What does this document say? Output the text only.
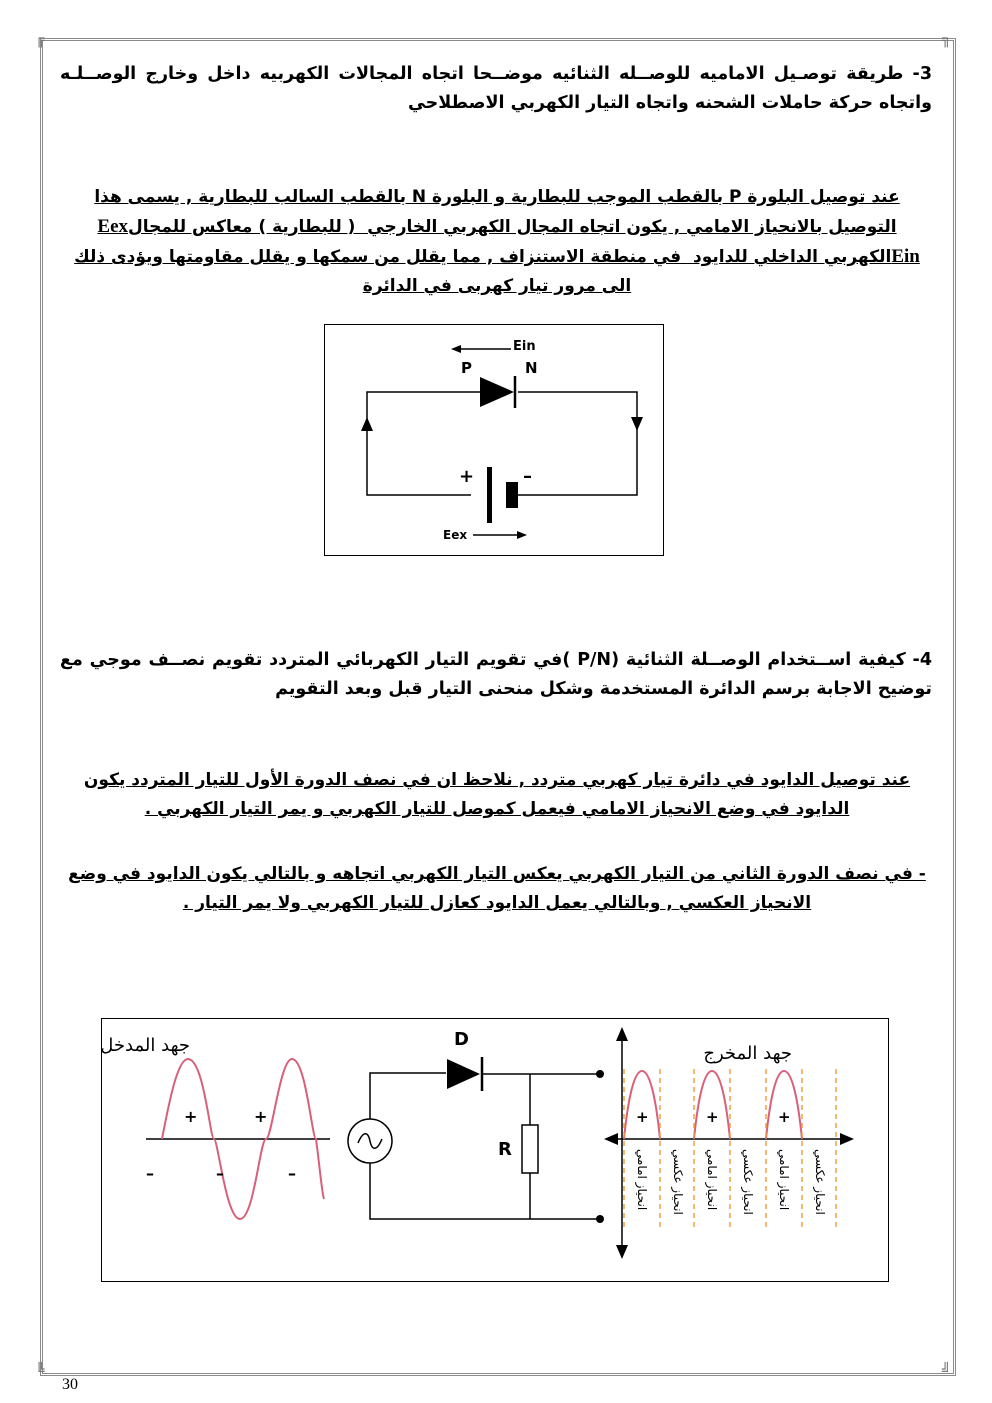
╔	╗
╚	╝
3- طريقة توصـيل الاماميه للوصــله الثنائيه موضــحا اتجاه المجالات الكهربيه داخل وخارج الوصــلـه واتجاه حركة حاملات الشحنه واتجاه التيار الكهربي الاصطلاحي
عند توصيل البلورة P بالقطب الموجب للبطارية و البلورة N بالقطب السالب للبطارية , يسمى هذا التوصيل بالانحياز الامامي , يكون اتجاه المجال الكهربي الخارجي Eex ( للبطارية ) معاكس للمجال الكهربي الداخلي للدايود Ein في منطقة الاستنزاف , مما يقلل من سمكها و يقلل مقاومتها ويؤدى ذلك الى مرور تيار كهربى في الدائرة
Ein
P	N
+	–
Eex
4- كيفية اســتخدام الوصــلة الثنائية (P/N )في تقويم التيار الكهربائي المتردد تقويم نصــف موجي مع توضيح الاجابة برسم الدائرة المستخدمة وشكل منحنى التيار قبل وبعد التقويم
عند توصيل الدايود في دائرة تيار كهربي متردد , نلاحظ ان في نصف الدورة الأول للتيار المتردد يكون الدايود في وضع الانحياز الامامي فيعمل كموصل للتيار الكهربي و يمر التيار الكهربي .
- في نصف الدورة الثاني من التيار الكهربي يعكس التيار الكهربي اتجاهه و بالتالي يكون الدايود في وضع الانحياز العكسي , وبالتالي يعمل الدايود كعازل للتيار الكهربي ولا يمر التيار .
جهد المدخل
+	+
–	–	–
D
R
جهد المخرج
+	+	+
انحياز امامي انحياز عكسي انحياز امامي انحياز عكسي انحياز امامي انحياز عكسي
30
